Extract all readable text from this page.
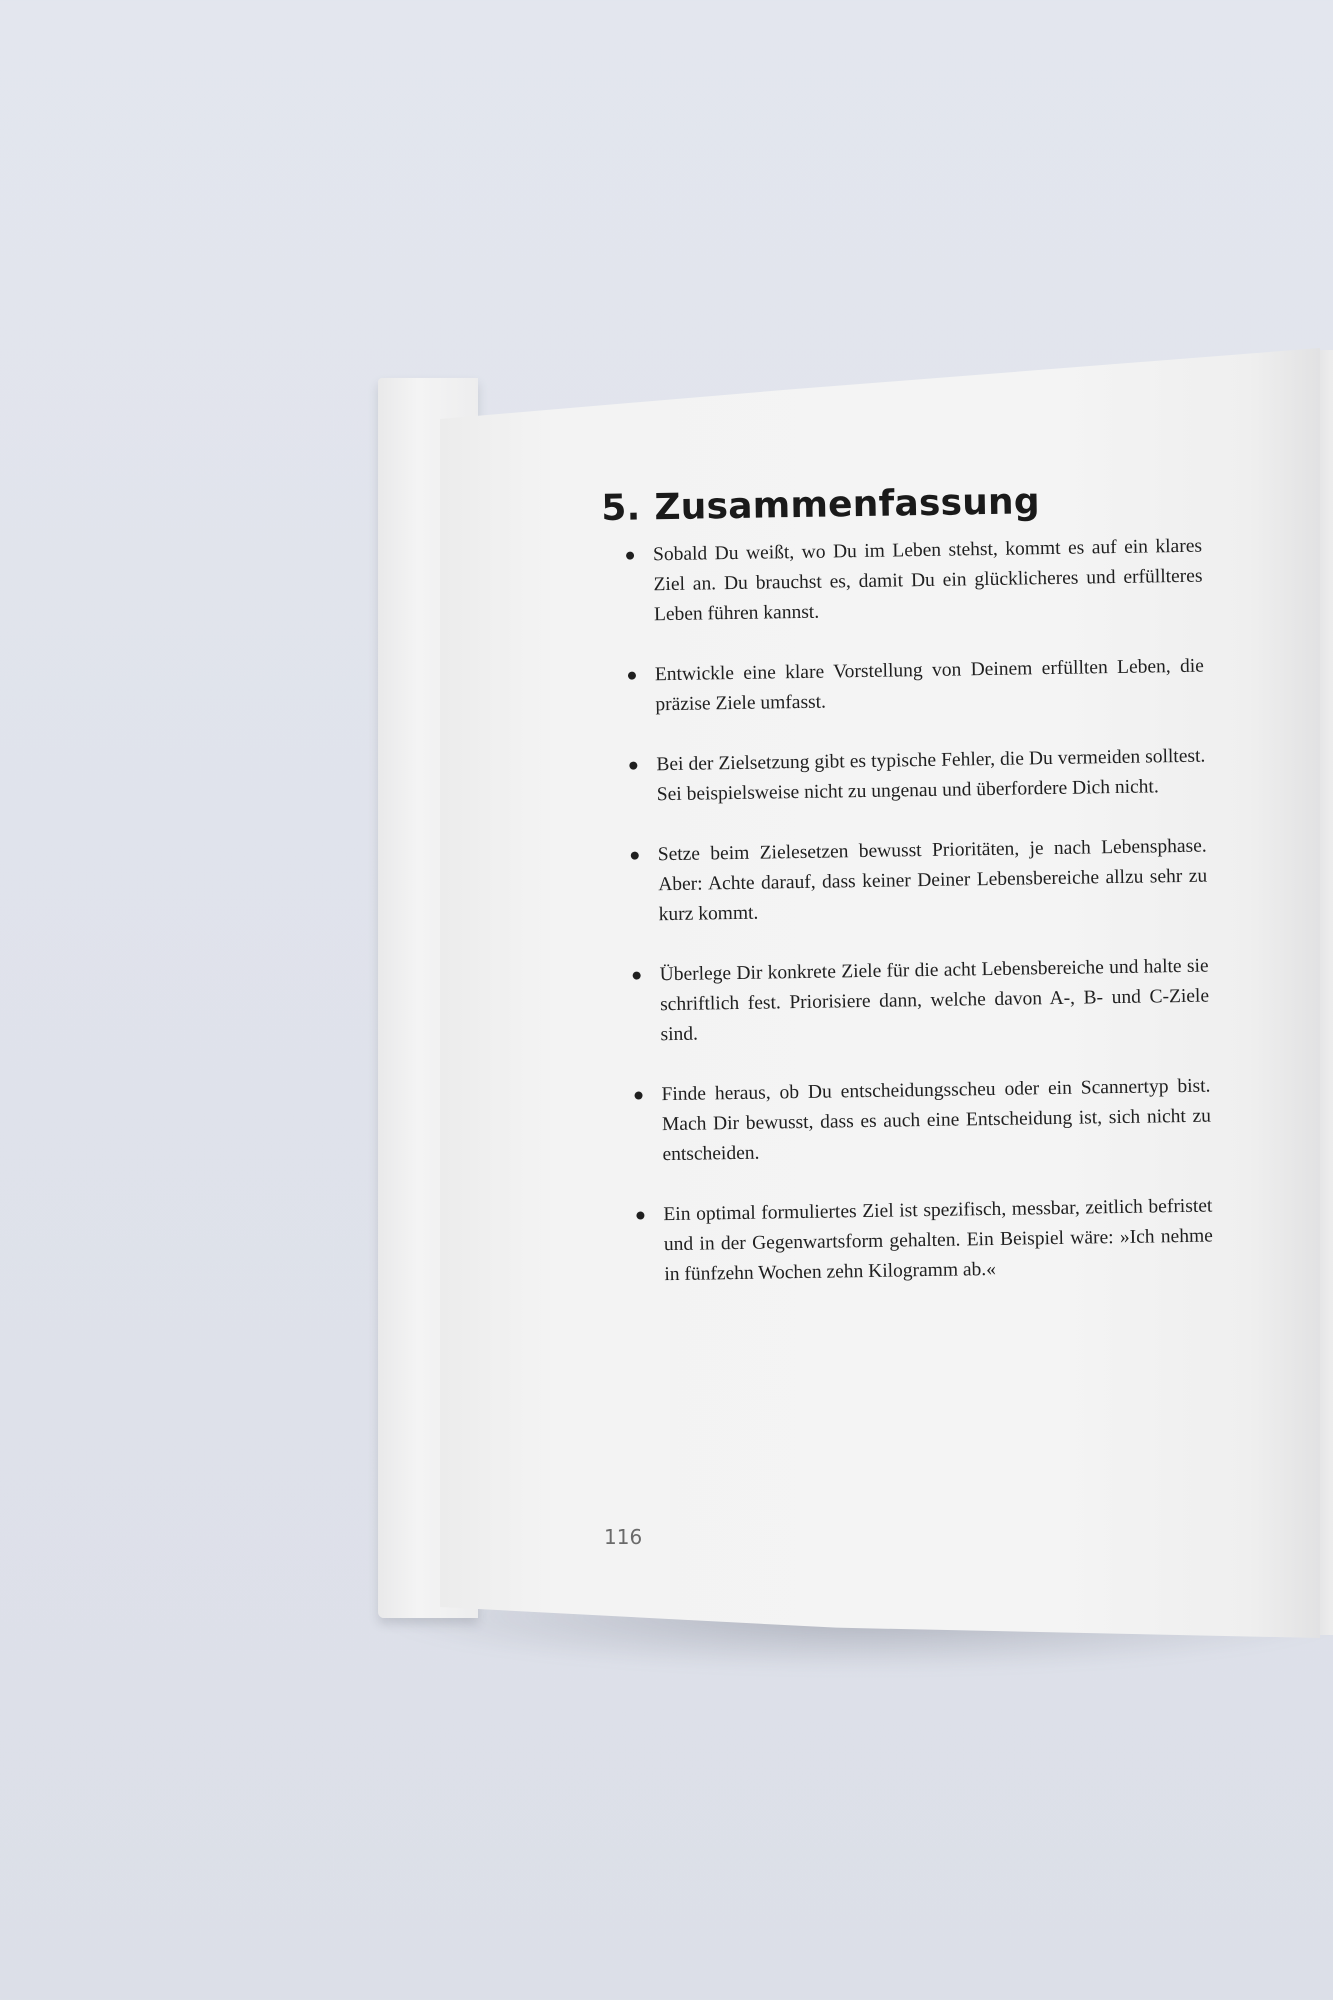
5. Zusammenfassung
Sobald Du weißt, wo Du im Leben stehst, kommt es auf ein klares Ziel an. Du brauchst es, damit Du ein glücklicheres und erfüllteres Leben führen kannst.
Entwickle eine klare Vorstellung von Deinem erfüllten Leben, die präzise Ziele umfasst.
Bei der Zielsetzung gibt es typische Fehler, die Du vermeiden solltest. Sei beispielsweise nicht zu ungenau und überfordere Dich nicht.
Setze beim Zielesetzen bewusst Prioritäten, je nach Lebensphase. Aber: Achte darauf, dass keiner Deiner Lebensbereiche allzu sehr zu kurz kommt.
Überlege Dir konkrete Ziele für die acht Lebensbereiche und halte sie schriftlich fest. Priorisiere dann, welche davon A-, B- und C-Ziele sind.
Finde heraus, ob Du entscheidungsscheu oder ein Scannertyp bist. Mach Dir bewusst, dass es auch eine Entscheidung ist, sich nicht zu entscheiden.
Ein optimal formuliertes Ziel ist spezifisch, messbar, zeitlich befristet und in der Gegenwartsform gehalten. Ein Beispiel wäre: »Ich nehme in fünfzehn Wochen zehn Kilogramm ab.«
116
